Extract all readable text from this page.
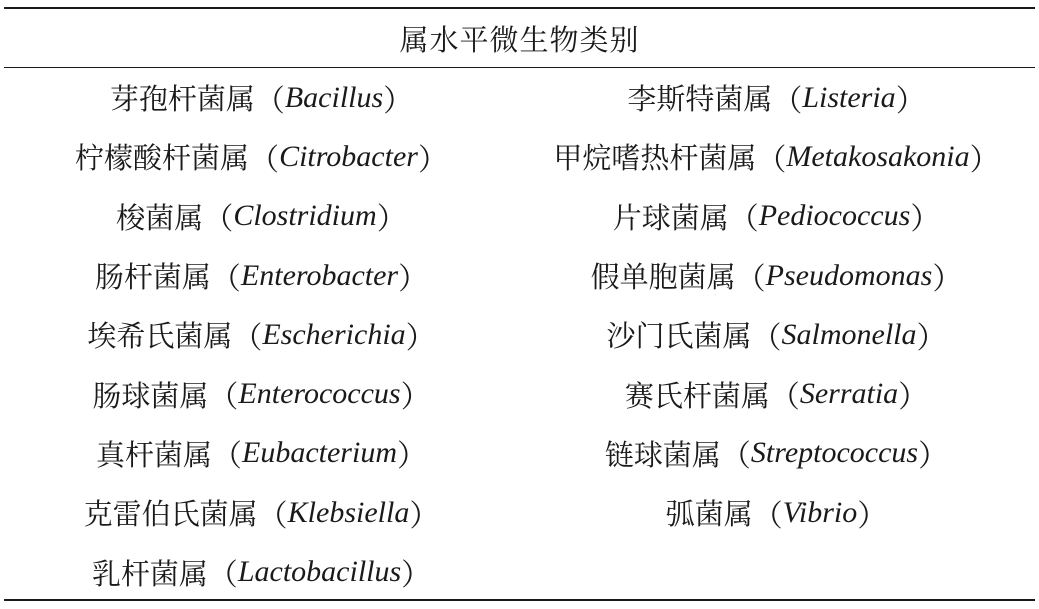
属水平微生物类别
芽孢杆菌属 （ Bacillus ）
柠檬酸杆菌属 （ Citrobacter ）
梭菌属 （ Clostridium ）
肠杆菌属 （ Enterobacter ）
埃希氏菌属 （ Escherichia ）
肠球菌属 （ Enterococcus ）
真杆菌属 （ Eubacterium ）
克雷伯氏菌属 （ Klebsiella ）
乳杆菌属 （ Lactobacillus ）
李斯特菌属 （ Listeria ）
甲烷嗜热杆菌属 （ Metakosakonia ）
片球菌属 （ Pediococcus ）
假单胞菌属 （ Pseudomonas ）
沙门氏菌属 （ Salmonella ）
赛氏杆菌属 （ Serratia ）
链球菌属 （ Streptococcus ）
弧菌属 （ Vibrio ）
